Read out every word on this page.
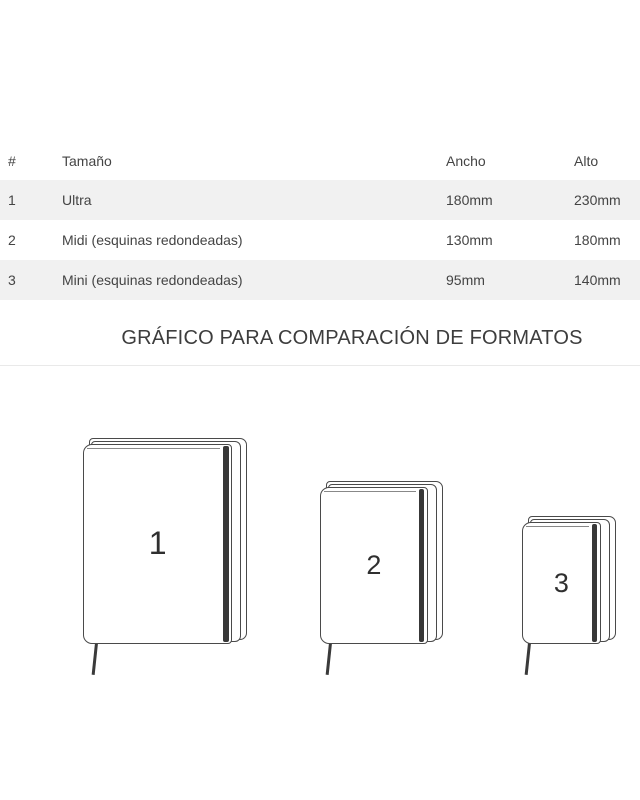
#	Tamaño	Ancho	Alto
1	Ultra	180mm	230mm
2	Midi (esquinas redondeadas)	130mm	180mm
3	Mini (esquinas redondeadas)	95mm	140mm
GRÁFICO PARA COMPARACIÓN DE FORMATOS
1
2
3
